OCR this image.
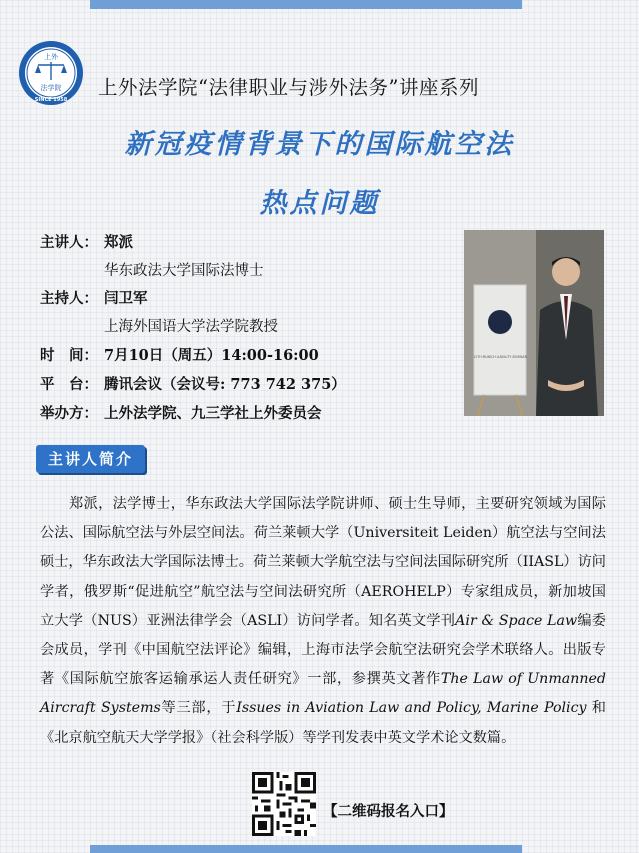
上外
法学院
SINCE 1958
上外法学院“法律职业与涉外法务”讲座系列
新冠疫情背景下的国际航空法
热点问题
主讲人： 郑派
华东政法大学国际法博士
主持人： 闫卫军
上海外国语大学法学院教授
时　间： 7月10日（周五）14:00-16:00
平　台： 腾讯会议（会议号: 773 742 375）
举办方： 上外法学院、九三学社上外委员会
12TH MUNICH LIABILITY SEMINAR
主讲人简介
　　郑派，法学博士，华东政法大学国际法学院讲师、硕士生导师，主要研究领域为国际公法、国际航空法与外层空间法。荷兰莱顿大学（Universiteit Leiden）航空法与空间法硕士，华东政法大学国际法博士。荷兰莱顿大学航空法与空间法国际研究所（IIASL）访问学者，俄罗斯“促进航空”航空法与空间法研究所（AEROHELP）专家组成员，新加坡国立大学（NUS）亚洲法律学会（ASLI）访问学者。知名英文学刊Air & Space Law编委会成员，学刊《中国航空法评论》编辑，上海市法学会航空法研究会学术联络人。出版专著《国际航空旅客运输承运人责任研究》一部，参撰英文著作The Law of Unmanned Aircraft Systems等三部，于Issues in Aviation Law and Policy, Marine Policy 和《北京航空航天大学学报》（社会科学版）等学刊发表中英文学术论文数篇。
【二维码报名入口】
